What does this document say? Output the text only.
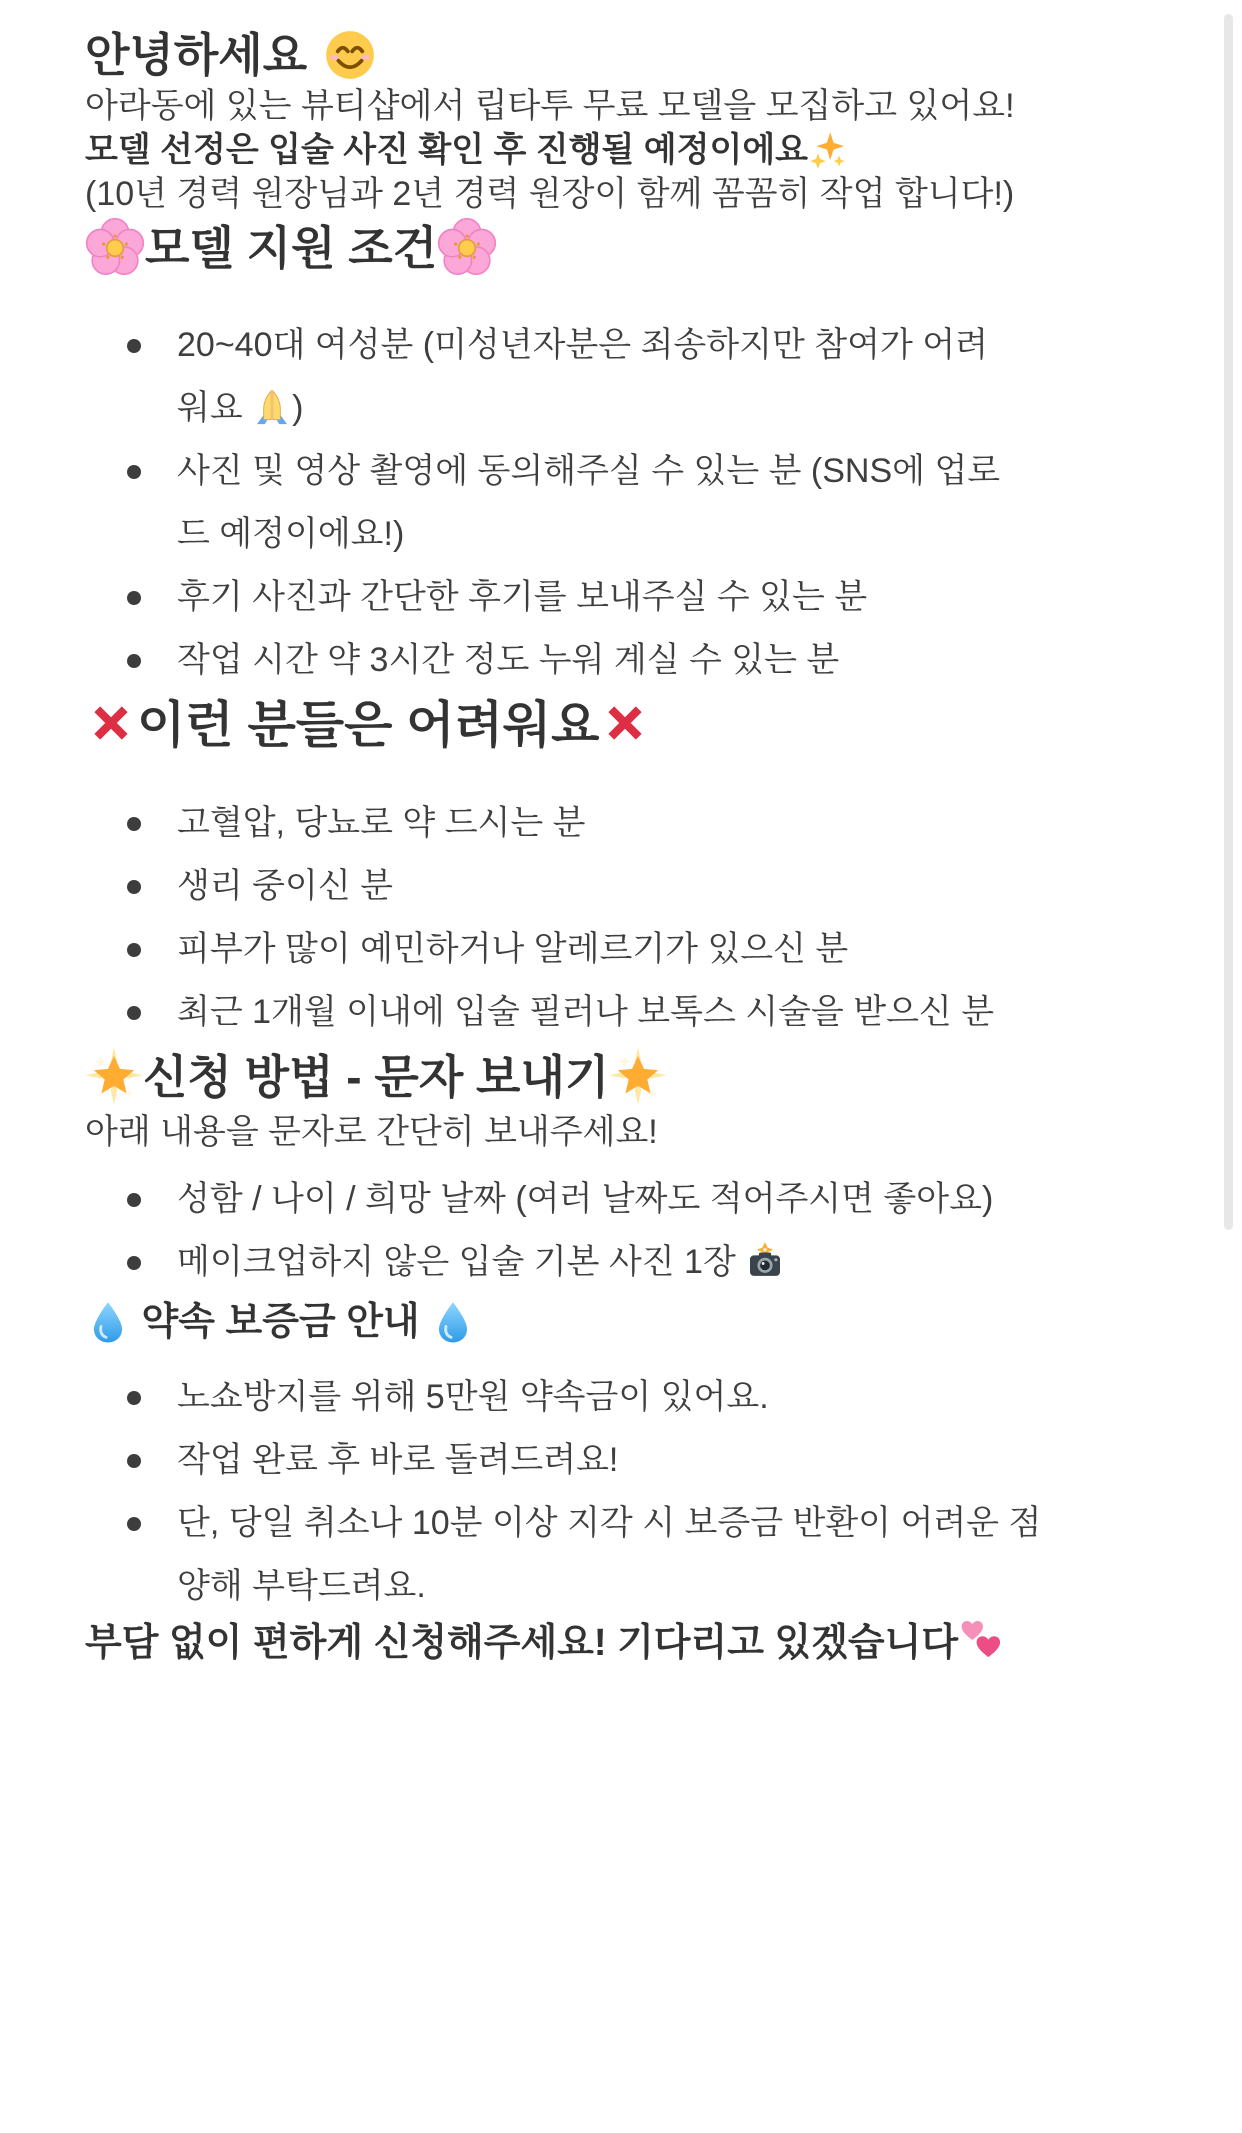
안녕하세요

아라동에 있는 뷰티샵에서 립타투 무료 모델을 모집하고 있어요!

모델 선정은 입술 사진 확인 후 진행될 예정이에요

(10년 경력 원장님과 2년 경력 원장이 함께 꼼꼼히 작업 합니다!)

모델 지원 조건
20~40대 여성분 (미성년자분은 죄송하지만 참여가 어려
워요 )
사진 및 영상 촬영에 동의해주실 수 있는 분 (SNS에 업로
드 예정이에요!)
후기 사진과 간단한 후기를 보내주실 수 있는 분
작업 시간 약 3시간 정도 누워 계실 수 있는 분
이런 분들은 어려워요
고혈압, 당뇨로 약 드시는 분
생리 중이신 분
피부가 많이 예민하거나 알레르기가 있으신 분
최근 1개월 이내에 입술 필러나 보톡스 시술을 받으신 분
신청 방법 - 문자 보내기

아래 내용을 문자로 간단히 보내주세요!

성함 / 나이 / 희망 날짜 (여러 날짜도 적어주시면 좋아요)
메이크업하지 않은 입술 기본 사진 1장
약속 보증금 안내
노쇼방지를 위해 5만원 약속금이 있어요.
작업 완료 후 바로 돌려드려요!
단, 당일 취소나 10분 이상 지각 시 보증금 반환이 어려운 점
양해 부탁드려요.

부담 없이 편하게 신청해주세요! 기다리고 있겠습니다
